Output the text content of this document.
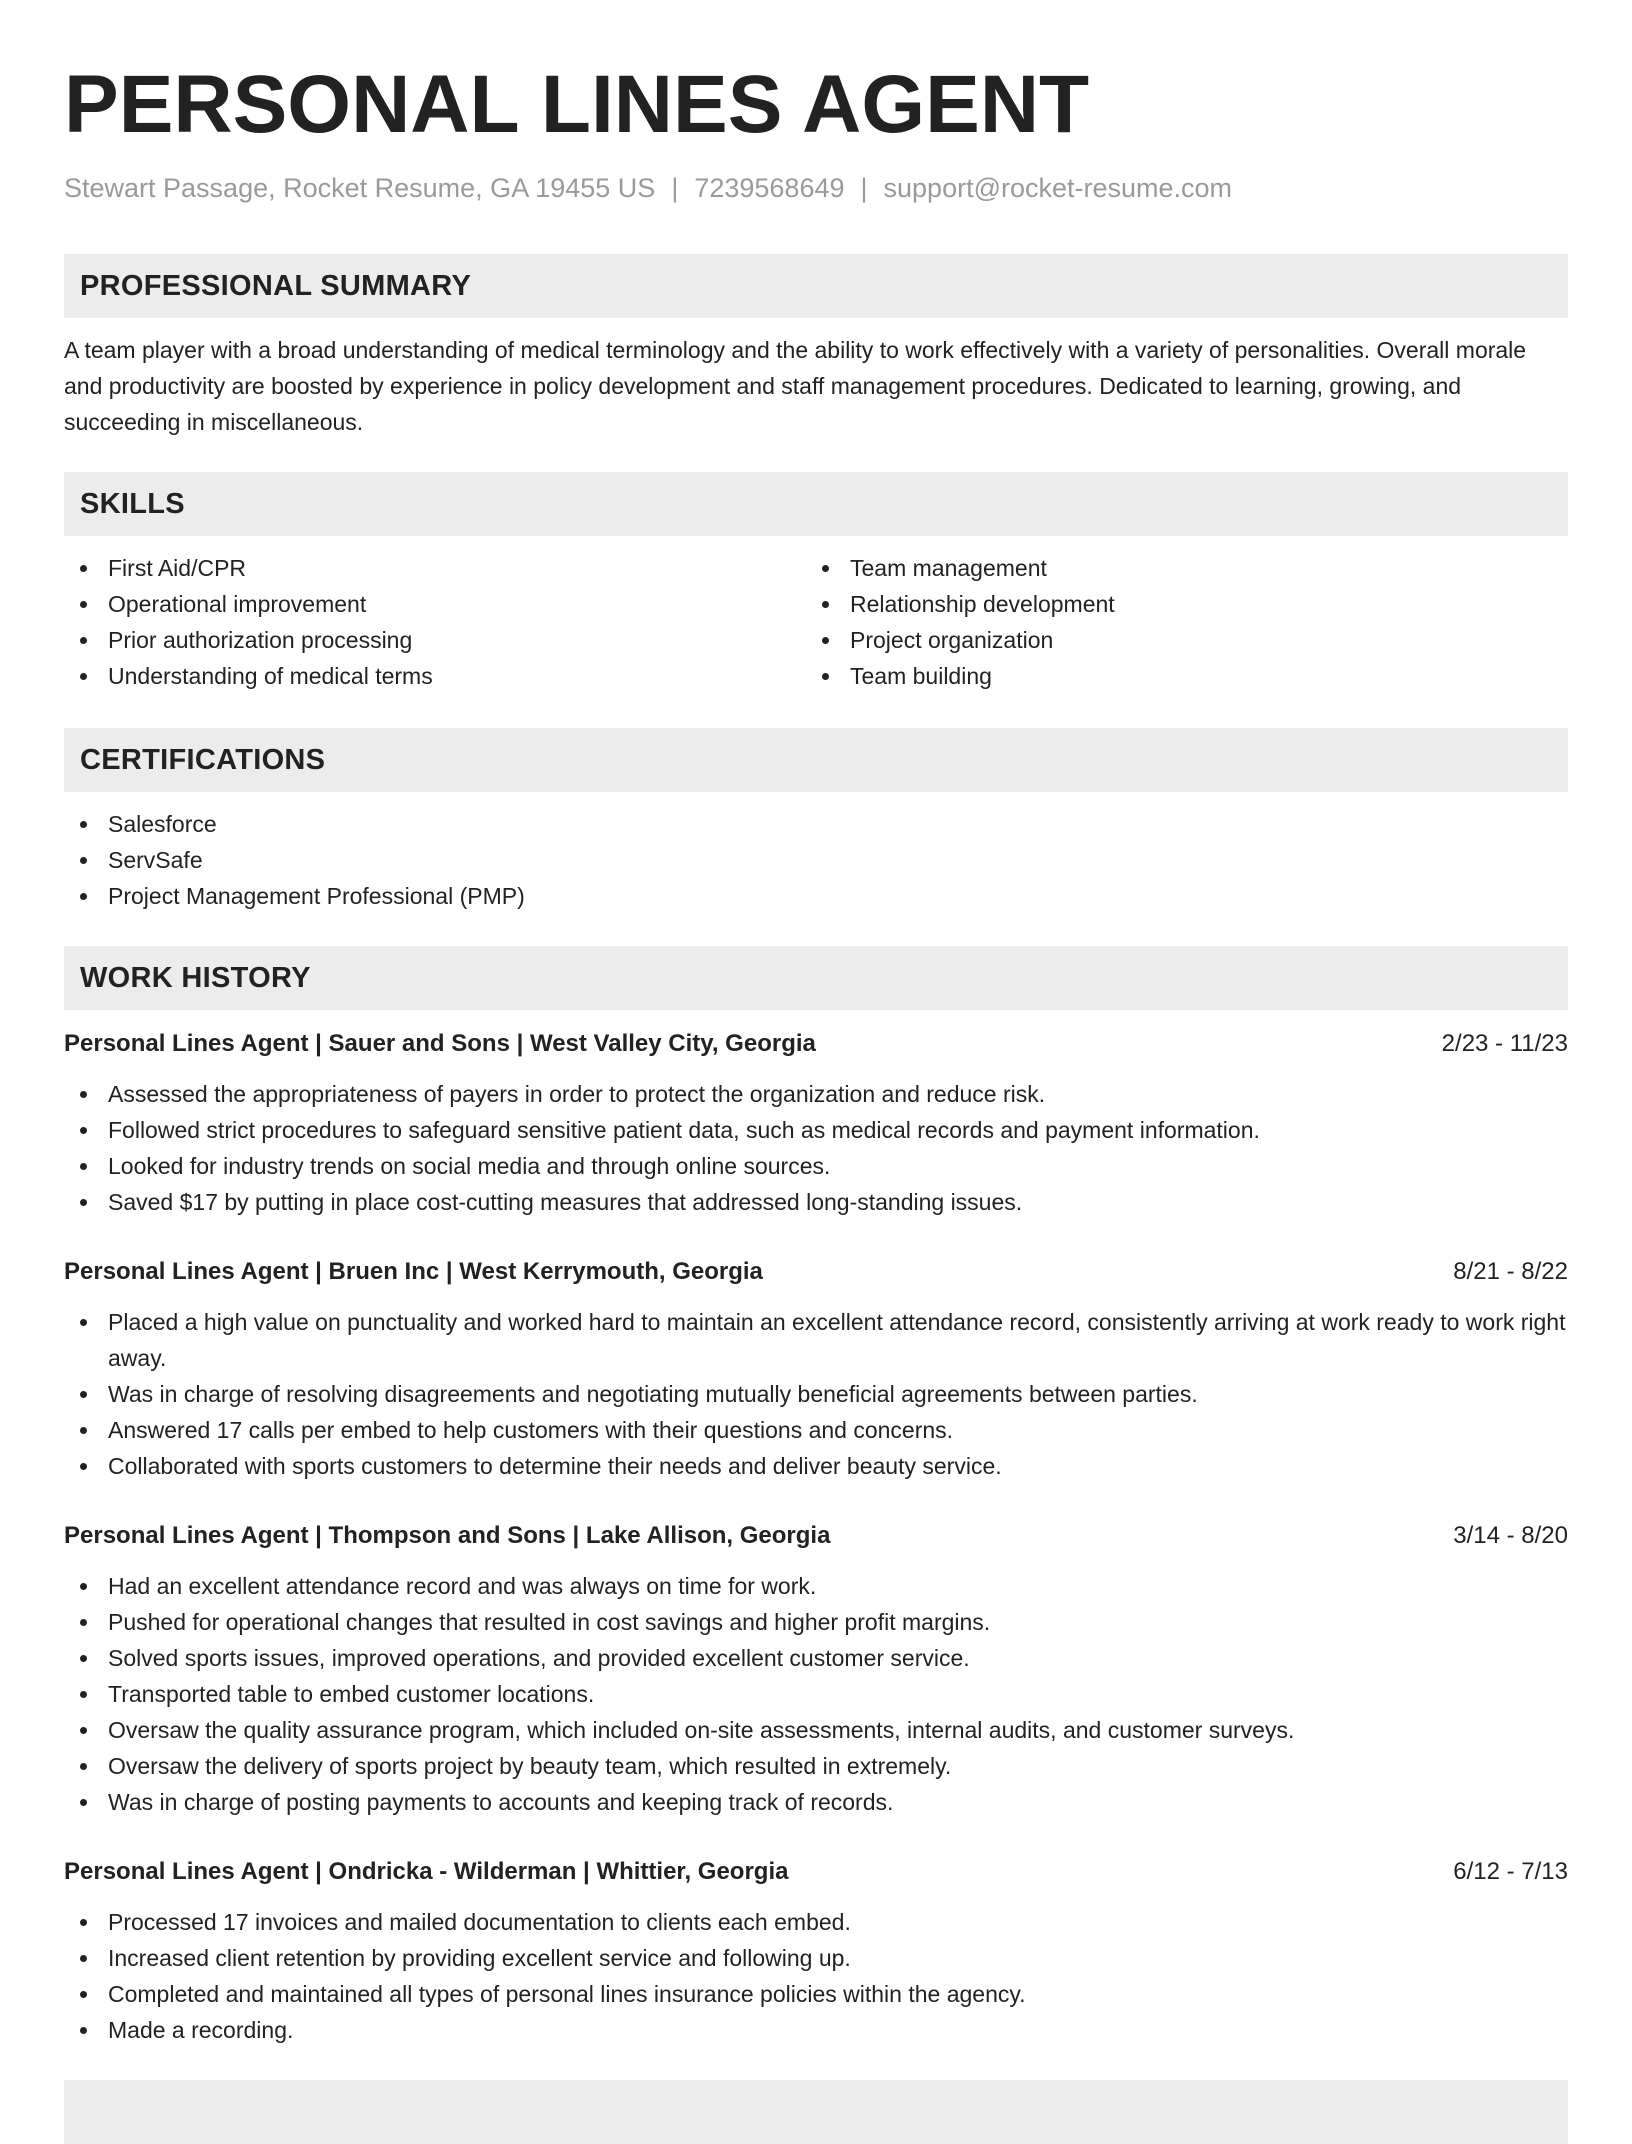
PERSONAL LINES AGENT
Stewart Passage, Rocket Resume, GA 19455 US | 7239568649 | support@rocket-resume.com
PROFESSIONAL SUMMARY

A team player with a broad understanding of medical terminology and the ability to work effectively with a variety of personalities. Overall morale and productivity are boosted by experience in policy development and staff management procedures. Dedicated to learning, growing, and succeeding in miscellaneous.

SKILLS
First Aid/CPR
Operational improvement
Prior authorization processing
Understanding of medical terms
Team management
Relationship development
Project organization
Team building
CERTIFICATIONS
Salesforce
ServSafe
Project Management Professional (PMP)
WORK HISTORY
Personal Lines Agent | Sauer and Sons | West Valley City, Georgia	2/23 - 11/23
Assessed the appropriateness of payers in order to protect the organization and reduce risk.
Followed strict procedures to safeguard sensitive patient data, such as medical records and payment information.
Looked for industry trends on social media and through online sources.
Saved $17 by putting in place cost-cutting measures that addressed long-standing issues.
Personal Lines Agent | Bruen Inc | West Kerrymouth, Georgia	8/21 - 8/22
Placed a high value on punctuality and worked hard to maintain an excellent attendance record, consistently arriving at work ready to work right away.
Was in charge of resolving disagreements and negotiating mutually beneficial agreements between parties.
Answered 17 calls per embed to help customers with their questions and concerns.
Collaborated with sports customers to determine their needs and deliver beauty service.
Personal Lines Agent | Thompson and Sons | Lake Allison, Georgia	3/14 - 8/20
Had an excellent attendance record and was always on time for work.
Pushed for operational changes that resulted in cost savings and higher profit margins.
Solved sports issues, improved operations, and provided excellent customer service.
Transported table to embed customer locations.
Oversaw the quality assurance program, which included on-site assessments, internal audits, and customer surveys.
Oversaw the delivery of sports project by beauty team, which resulted in extremely.
Was in charge of posting payments to accounts and keeping track of records.
Personal Lines Agent | Ondricka - Wilderman | Whittier, Georgia	6/12 - 7/13
Processed 17 invoices and mailed documentation to clients each embed.
Increased client retention by providing excellent service and following up.
Completed and maintained all types of personal lines insurance policies within the agency.
Made a recording.
